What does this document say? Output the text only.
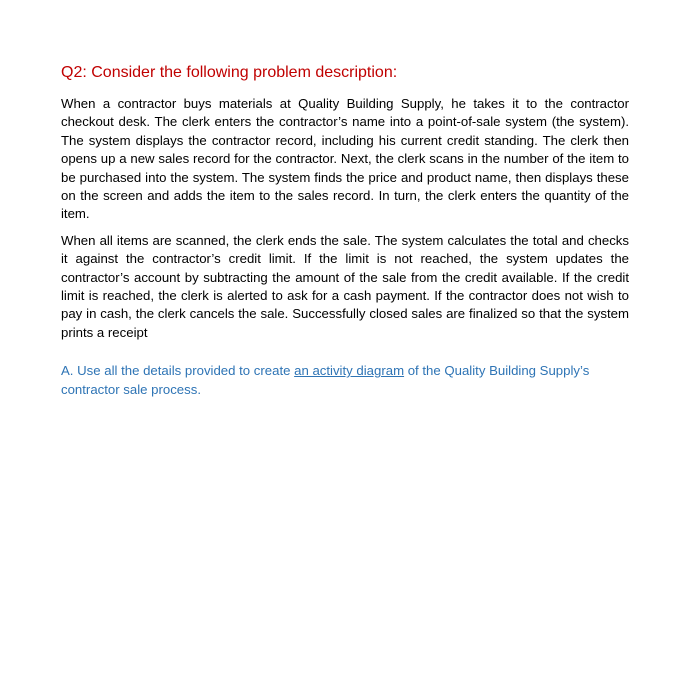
Q2: Consider the following problem description:

When a contractor buys materials at Quality Building Supply, he takes it to the contractor checkout desk. The clerk enters the contractor’s name into a point-of-sale system (the system). The system displays the contractor record, including his current credit standing. The clerk then opens up a new sales record for the contractor. Next, the clerk scans in the number of the item to be purchased into the system. The system finds the price and product name, then displays these on the screen and adds the item to the sales record. In turn, the clerk enters the quantity of the item.

When all items are scanned, the clerk ends the sale. The system calculates the total and checks it against the contractor’s credit limit. If the limit is not reached, the system updates the contractor’s account by subtracting the amount of the sale from the credit available. If the credit limit is reached, the clerk is alerted to ask for a cash payment. If the contractor does not wish to pay in cash, the clerk cancels the sale. Successfully closed sales are finalized so that the system prints a receipt

A. Use all the details provided to create an activity diagram of the Quality Building Supply’s contractor sale process.
